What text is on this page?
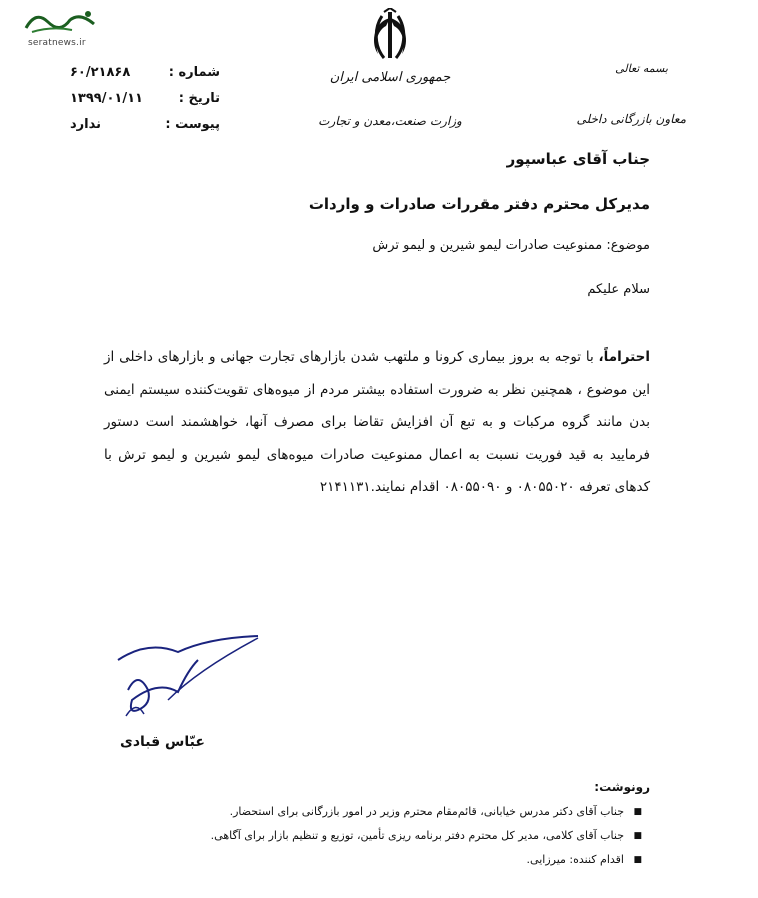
seratnews.ir
جمهوری اسلامی ایران
وزارت صنعت،معدن و تجارت
بسمه تعالی
معاون بازرگانی داخلی
شماره :
۶۰/۲۱۸۶۸
تاریخ :
۱۳۹۹/۰۱/۱۱
پیوست :
ندارد
جناب آقای عباسپور
مدیرکل محترم دفتر مقررات صادرات و واردات
موضوع: ممنوعیت صادرات لیمو شیرین و لیمو ترش
سلام علیکم
احتراماً، با توجه به بروز بیماری کرونا و ملتهب شدن بازارهای تجارت جهانی و بازارهای داخلی از این موضوع ، همچنین نظر به ضرورت استفاده بیشتر مردم از میوه‌های تقویت‌کننده سیستم ایمنی بدن مانند گروه مرکبات و به تبع آن افزایش تقاضا برای مصرف آنها، خواهشمند است دستور فرمایید به قید فوریت نسبت به اعمال ممنوعیت صادرات میوه‌های لیمو شیرین و لیمو ترش با کدهای تعرفه ۰۸۰۵۵۰۲۰ و ۰۸۰۵۵۰۹۰ اقدام نمایند.۲۱۴۱۱۳۱
عبّاس قبادی
رونوشت:
■
جناب آقای دکتر مدرس خیابانی، قائم‌مقام محترم وزیر در امور بازرگانی برای استحضار.
■
جناب آقای کلامی، مدیر کل محترم دفتر برنامه ریزی تأمین، توزیع و تنظیم بازار برای آگاهی.
■
اقدام کننده: میرزایی.
